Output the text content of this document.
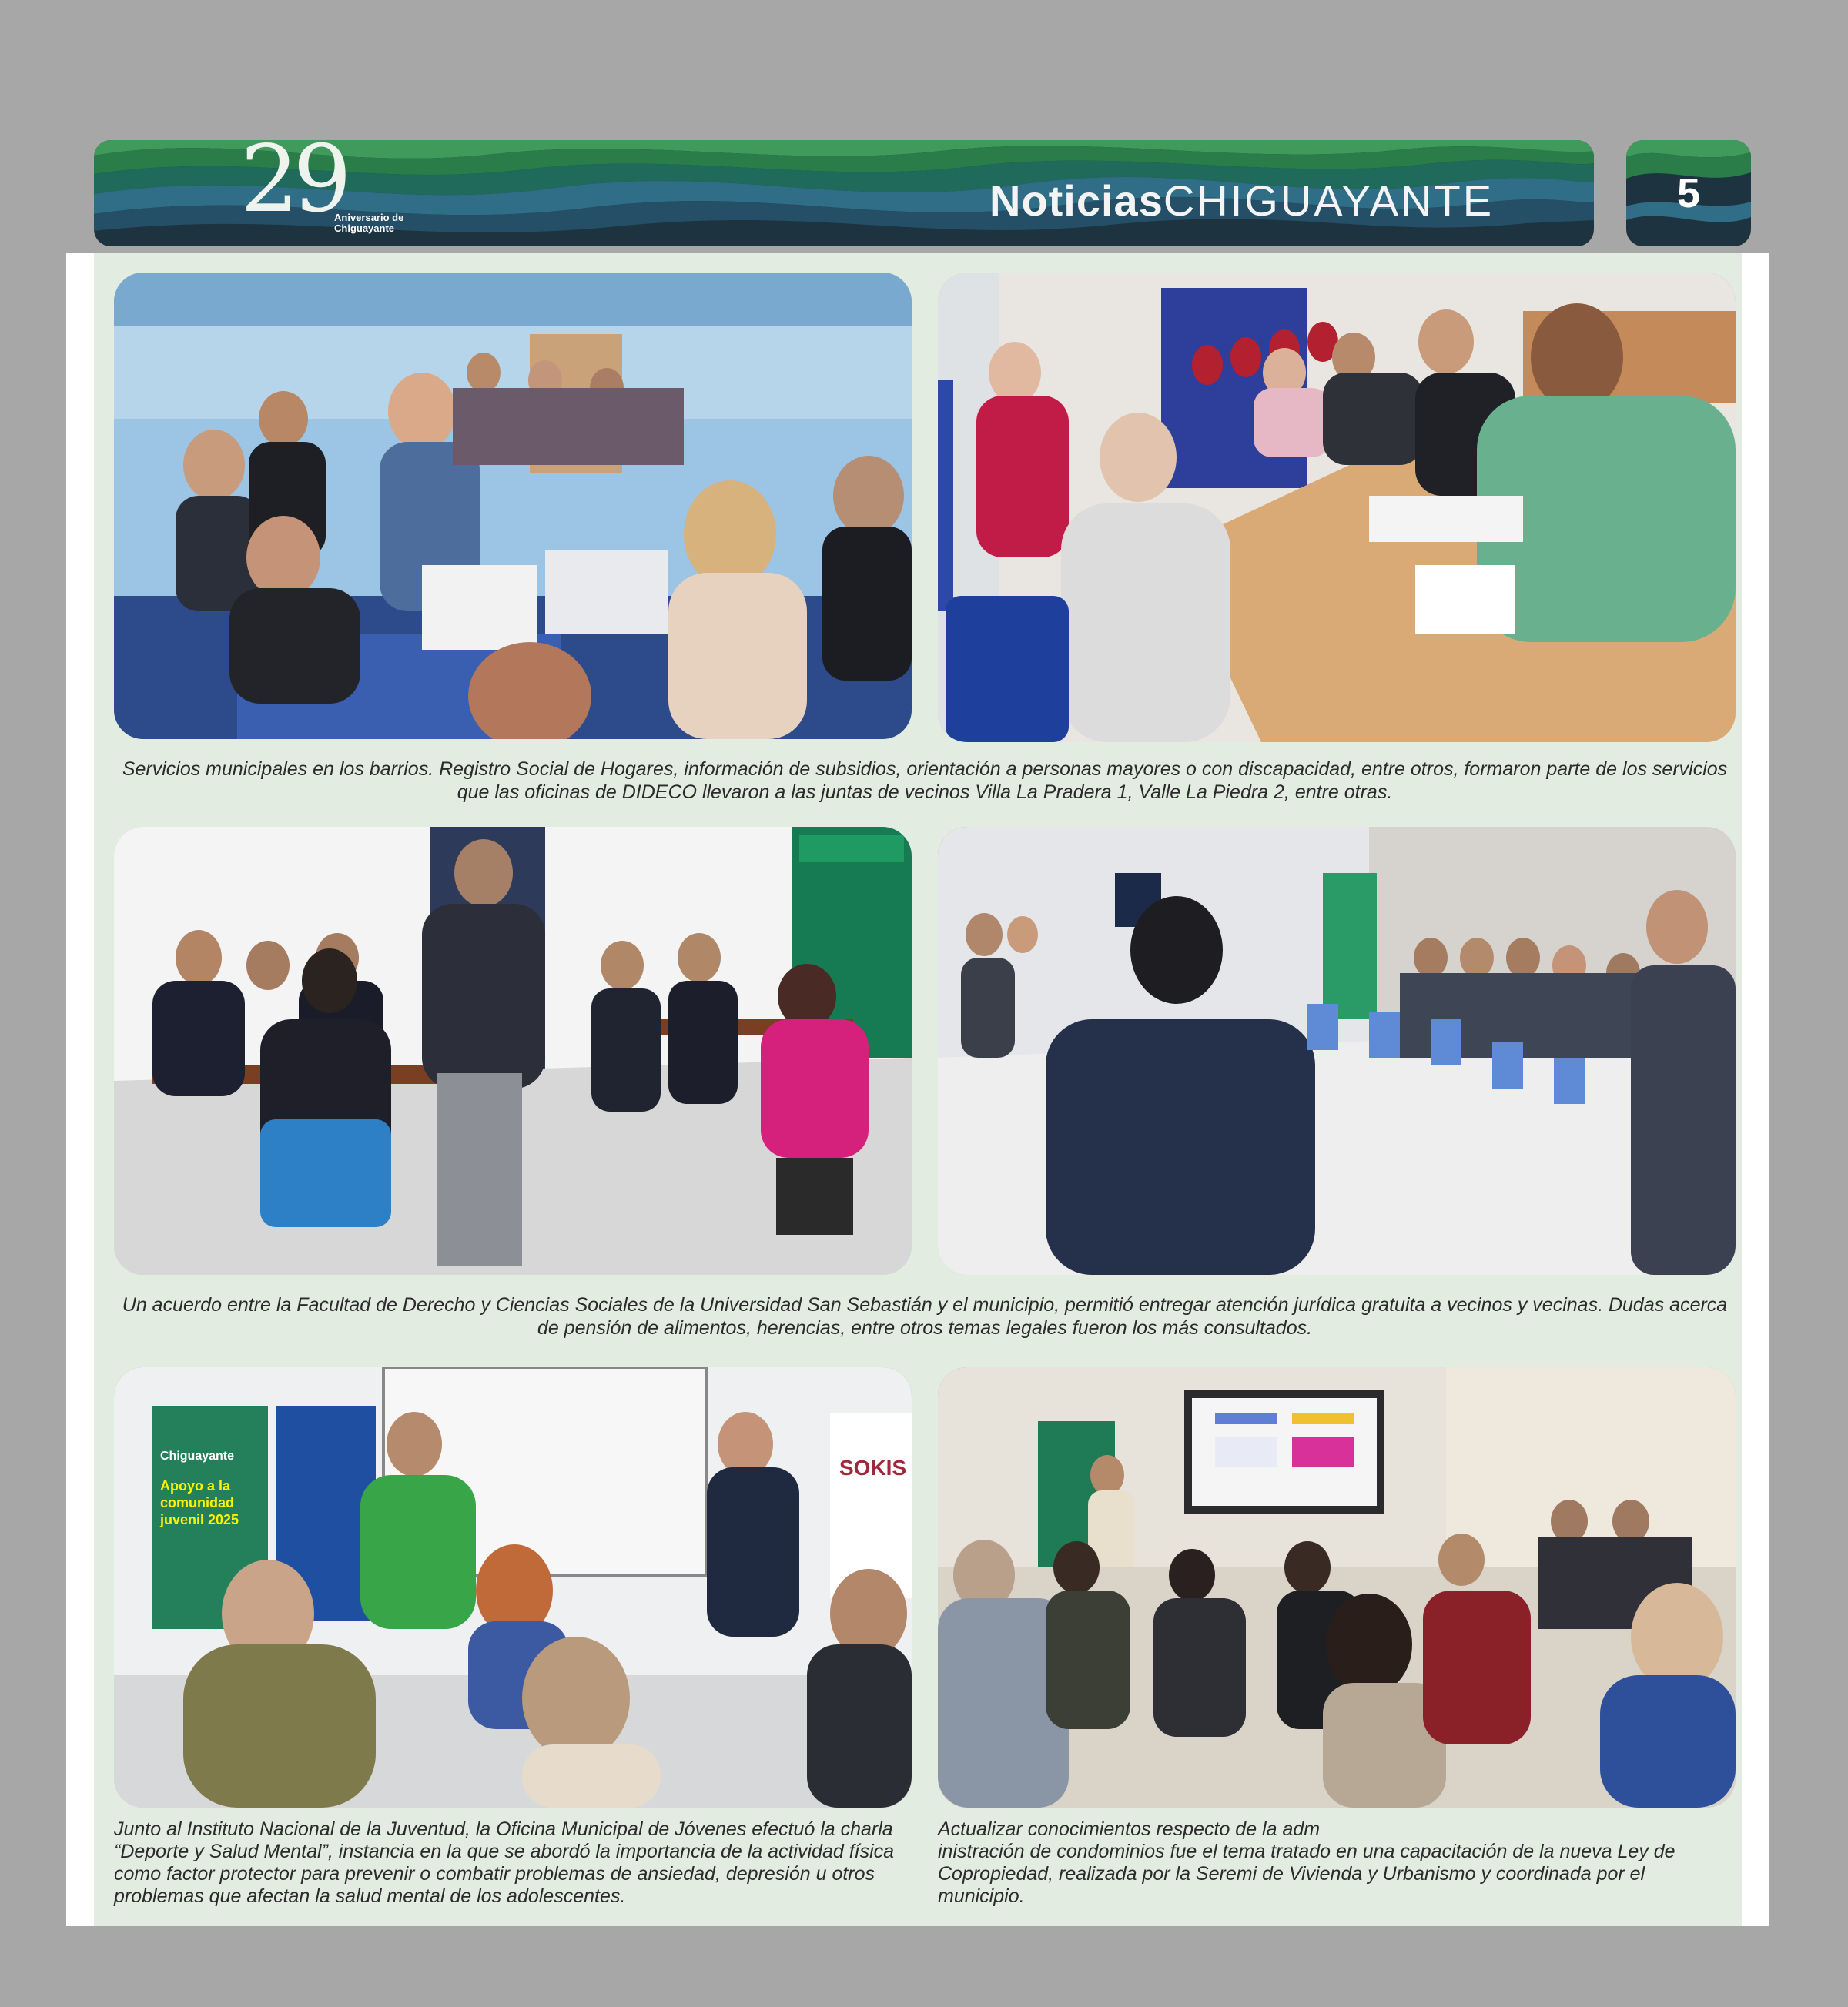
29
Aniversario de Chiguayante
NoticiasCHIGUAYANTE	5
Servicios municipales en los barrios. Registro Social de Hogares, información de subsidios, orientación a personas mayores o con discapacidad, entre otros, formaron parte de los servicios que las oficinas de DIDECO llevaron a las juntas de vecinos Villa La Pradera 1, Valle La Piedra 2, entre otras.
Un acuerdo entre la Facultad de Derecho y Ciencias Sociales de la Universidad San Sebastián y el municipio, permitió entregar atención jurídica gratuita a vecinos y vecinas. Dudas acerca de pensión de alimentos, herencias, entre otros temas legales fueron los más consultados.
Chiguayante
Apoyo a la
comunidad
juvenil 2025
SOKIS
Junto al Instituto Nacional de la Juventud, la Oficina Municipal de Jóvenes efectuó la charla “Deporte y Salud Mental”, instancia en la que se abordó la importancia de la actividad física como factor protector para prevenir o combatir problemas de ansiedad, depresión u otros problemas que afectan la salud mental de los adolescentes.
Actualizar conocimientos respecto de la adm
inistración de condominios fue el tema tratado en una capacitación de la nueva Ley de Copropiedad, realizada por la Seremi de Vivienda y Urbanismo y coordinada por el municipio.
